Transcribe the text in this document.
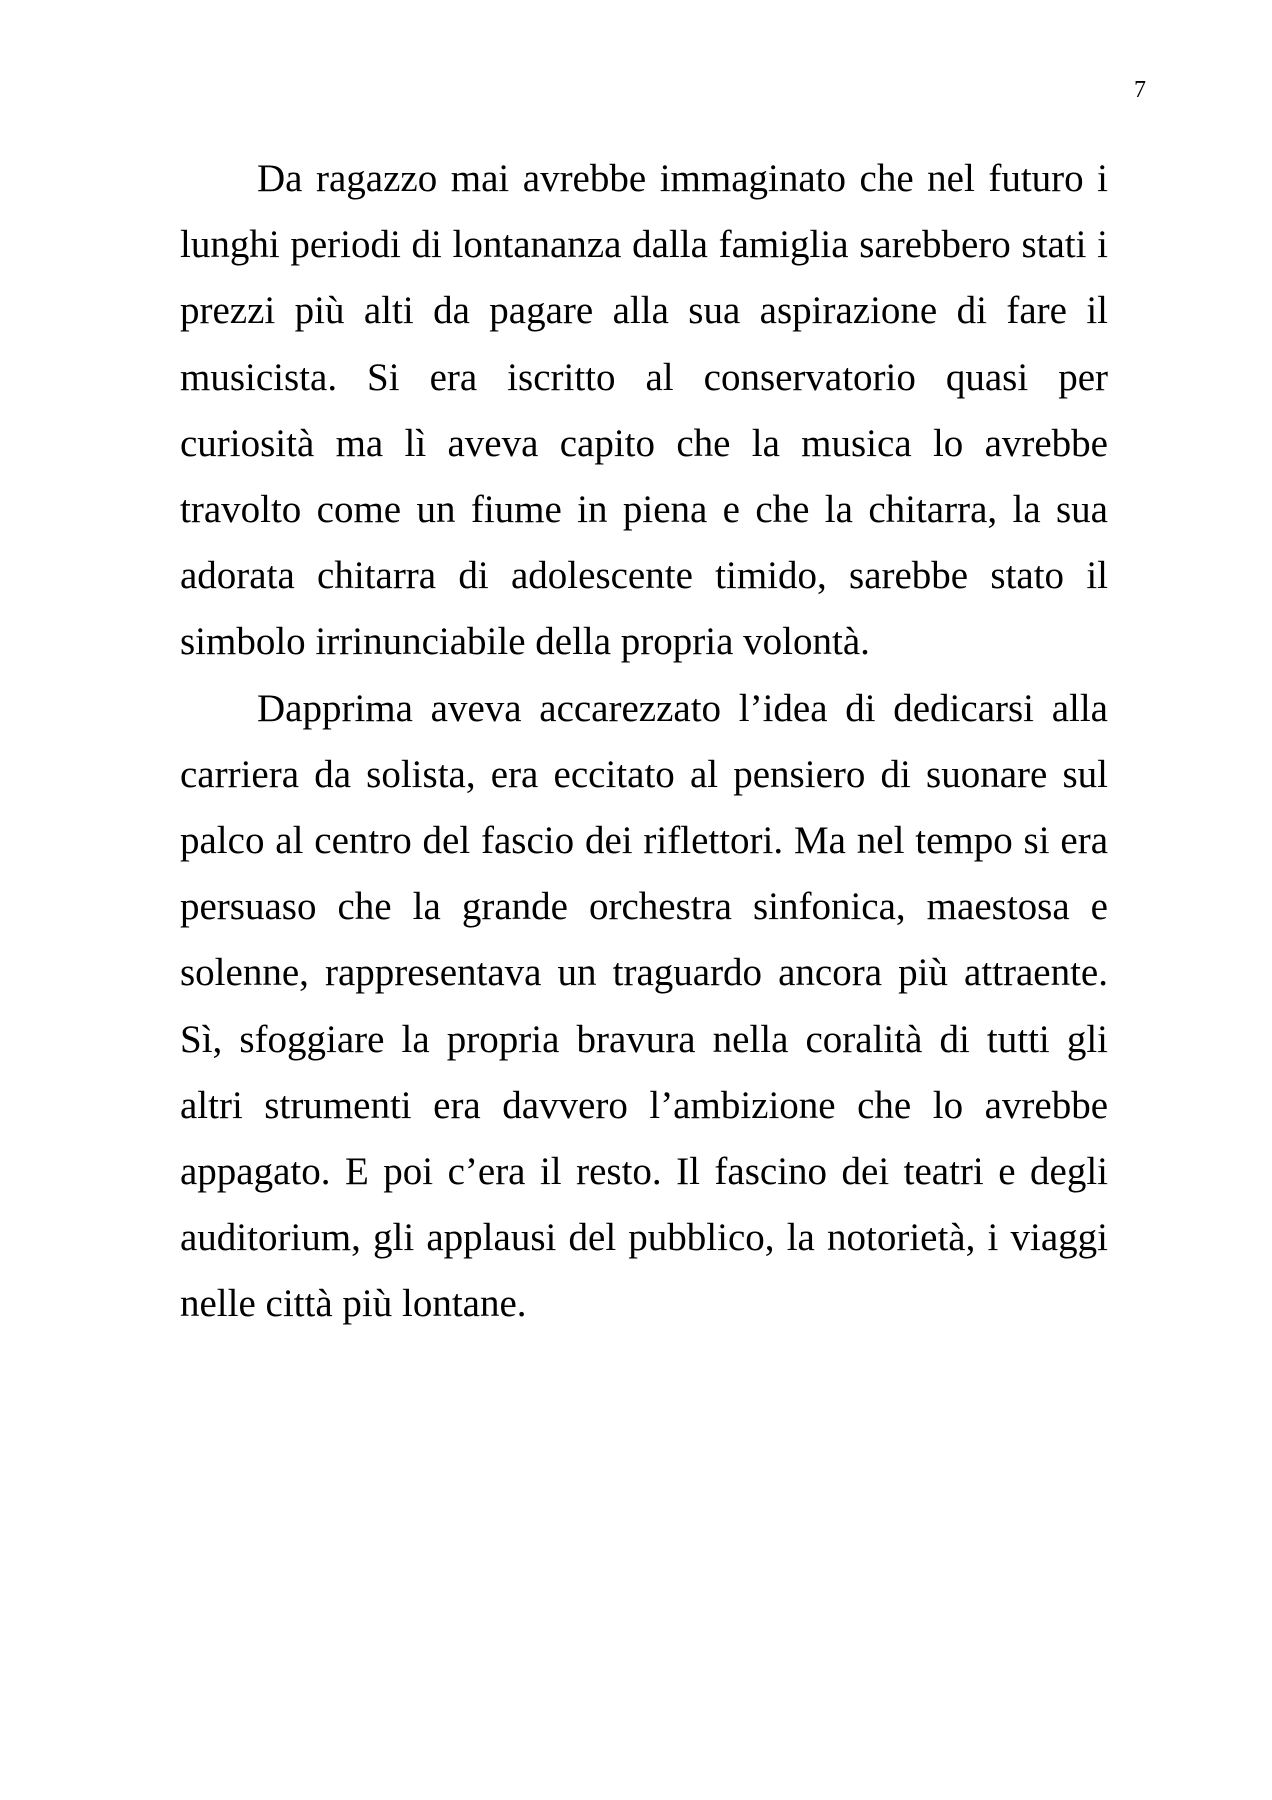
7

Da ragazzo mai avrebbe immaginato che nel futuro i lunghi periodi di lontananza dalla famiglia sarebbero stati i prezzi più alti da pagare alla sua aspirazione di fare il musicista. Si era iscritto al conservatorio quasi per curiosità ma lì aveva capito che la musica lo avrebbe travolto come un fiume in piena e che la chitarra, la sua adorata chitarra di adolescente timido, sarebbe stato il simbolo irrinunciabile della propria volontà.

Dapprima aveva accarezzato l’idea di dedicarsi alla carriera da solista, era eccitato al pensiero di suonare sul palco al centro del fascio dei riflettori. Ma nel tempo si era persuaso che la grande orchestra sinfonica, maestosa e solenne, rappresentava un traguardo ancora più attraente. Sì, sfoggiare la propria bravura nella coralità di tutti gli altri strumenti era davvero l’ambizione che lo avrebbe appagato. E poi c’era il resto. Il fascino dei teatri e degli auditorium, gli applausi del pubblico, la notorietà, i viaggi nelle città più lontane.
